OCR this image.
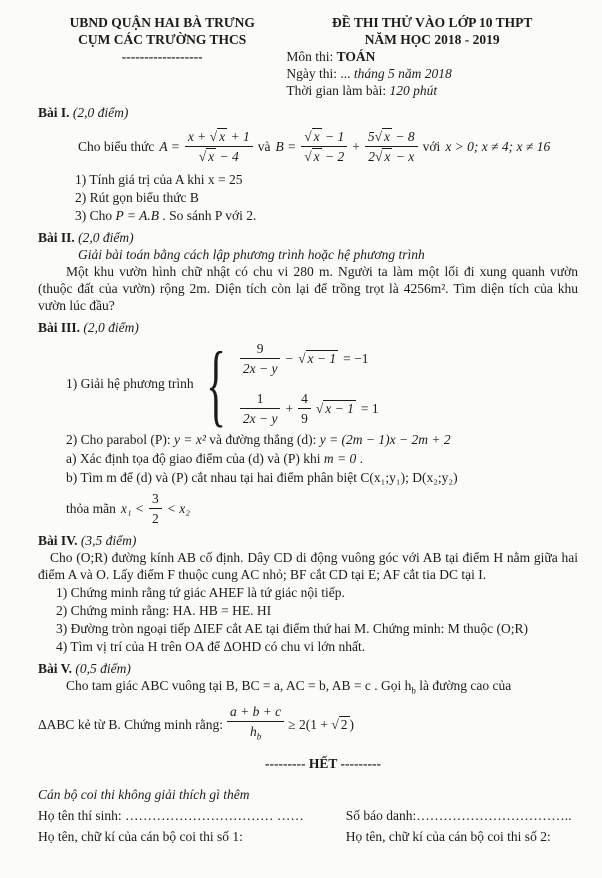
UBND QUẬN HAI BÀ TRƯNG
CỤM CÁC TRƯỜNG THCS
------------------
ĐỀ THI THỬ VÀO LỚP 10 THPT
NĂM HỌC 2018 - 2019
Môn thi: TOÁN
Ngày thi: ... tháng 5 năm 2018
Thời gian làm bài: 120 phút
Bài I. (2,0 điểm)
Cho biểu thức $A = \frac{x + √ x + 1}{√ x - 4}$ và $B = \frac{√ x - 1}{√ x - 2} + \frac{5√ x - 8}{2√ x - x}$ với x > 0; x ≠ 4; x ≠ 16
1) Tính giá trị của A khi x = 25
2) Rút gọn biểu thức B
3) Cho P = A.B . So sánh P với 2.
Bài II. (2,0 điểm)
Giải bài toán bằng cách lập phương trình hoặc hệ phương trình
Một khu vườn hình chữ nhật có chu vi 280 m. Người ta làm một lối đi xung quanh vườn (thuộc đất của vườn) rộng 2m. Diện tích còn lại để trồng trọt là 4256m². Tìm diện tích của khu vườn lúc đầu?
Bài III. (2,0 điểm)
1) Giải hệ phương trình { $\frac{9}{2x - y}$ − √ x − 1 = −1
$\frac{1}{2x - y} + \frac{4}{9}$ √ x − 1 = 1
2) Cho parabol (P): y = x² và đường thẳng (d): y = (2m − 1)x − 2m + 2
a) Xác định tọa độ giao điểm của (d) và (P) khi m = 0 .
b) Tìm m để (d) và (P) cắt nhau tại hai điểm phân biệt C(x₁;y₁); D(x₂;y₂)
thỏa mãn $x_1 < \frac{3}{2} < x_2$
Bài IV. (3,5 điểm)
Cho (O;R) đường kính AB cố định. Dây CD di động vuông góc với AB tại điểm H nằm giữa hai điểm A và O. Lấy điểm F thuộc cung AC nhỏ; BF cắt CD tại E; AF cắt tia DC tại I.
1) Chứng minh rằng tứ giác AHEF là tứ giác nội tiếp.
2) Chứng minh rằng: HA. HB = HE. HI
3) Đường tròn ngoại tiếp ΔIEF cắt AE tại điểm thứ hai M. Chứng minh: M thuộc (O;R)
4) Tìm vị trí của H trên OA để ΔOHD có chu vi lớn nhất.
Bài V. (0,5 điểm)
Cho tam giác ABC vuông tại B, BC = a, AC = b, AB = c . Gọi $h_b$ là đường cao của
ΔABC kẻ từ B. Chứng minh rằng: $\frac{a + b + c}{h_b} \ge 2(1$ + √ 2 )
--------- HẾT ---------
Cán bộ coi thi không giải thích gì thêm
Họ tên thí sinh: …………………………… ……	Số báo danh:……………………………..
Họ tên, chữ kí của cán bộ coi thi số 1:	Họ tên, chữ kí của cán bộ coi thi số 2:
